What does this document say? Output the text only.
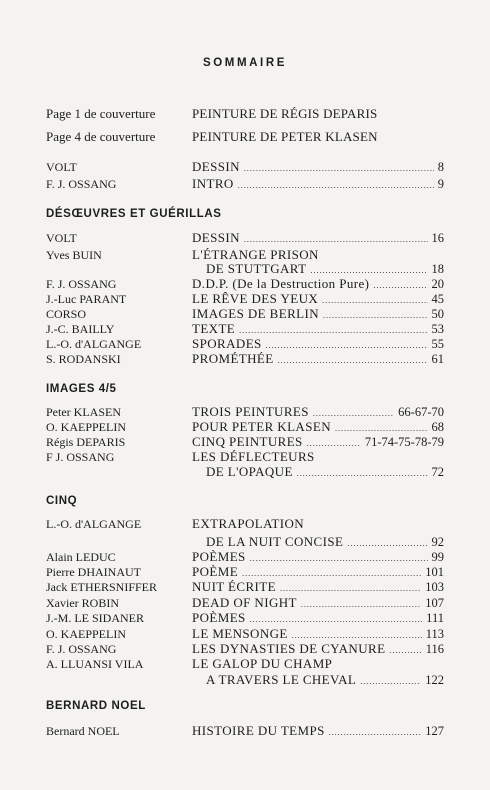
SOMMAIRE
Page 1 de couverture	PEINTURE DE RÉGIS DEPARIS
Page 4 de couverture	PEINTURE DE PETER KLASEN
VOLT	DESSIN . . .	8
F. J. OSSANG	INTRO . . .	9
DÉSŒUVRES ET GUÉRILLAS
VOLT	DESSIN . . .	16
Yves BUIN	L'ÉTRANGE PRISON
DE STUTTGART . . .	18
F. J. OSSANG	D.D.P. (De la Destruction Pure) . . .	20
J.-Luc PARANT	LE RÊVE DES YEUX . . .	45
CORSO	IMAGES DE BERLIN . . .	50
J.-C. BAILLY	TEXTE . . .	53
L.-O. d'ALGANGE	SPORADES . . .	55
S. RODANSKI	PROMÉTHÉE . . .	61
IMAGES 4/5
Peter KLASEN	TROIS PEINTURES . . .	66-67-70
O. KAEPPELIN	POUR PETER KLASEN . . .	68
Régis DEPARIS	CINQ PEINTURES . . .	71-74-75-78-79
F J. OSSANG	LES DÉFLECTEURS
DE L'OPAQUE . . .	72
CINQ
L.-O. d'ALGANGE	EXTRAPOLATION
DE LA NUIT CONCISE . . .	92
Alain LEDUC	POÈMES . . .	99
Pierre DHAINAUT	POÈME . . .	101
Jack ETHERSNIFFER	NUIT ÉCRITE . . .	103
Xavier ROBIN	DEAD OF NIGHT . . .	107
J.-M. LE SIDANER	POÈMES . . .	111
O. KAEPPELIN	LE MENSONGE . . .	113
F. J. OSSANG	LES DYNASTIES DE CYANURE . . .	116
A. LLUANSI VILA	LE GALOP DU CHAMP
A TRAVERS LE CHEVAL . . .	122
BERNARD NOEL
Bernard NOEL	HISTOIRE DU TEMPS . . .	127
